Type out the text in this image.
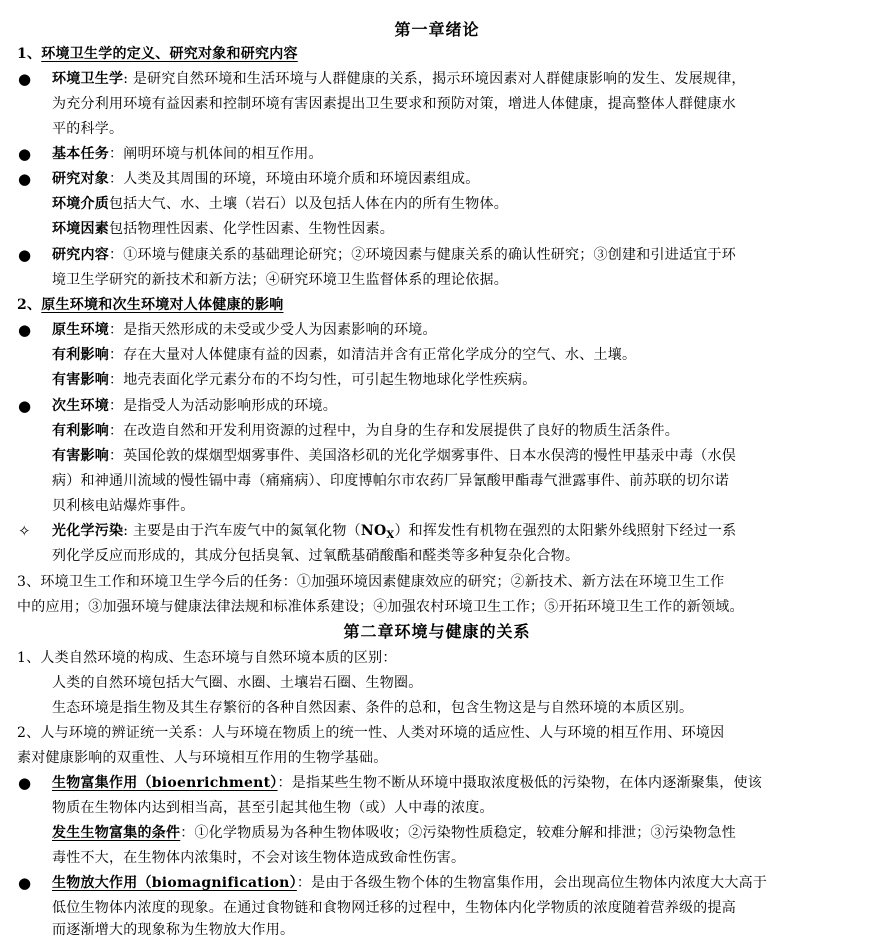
第一章绪论
1、环境卫生学的定义、研究对象和研究内容
● 环境卫生学: 是研究自然环境和生活环境与人群健康的关系，揭示环境因素对人群健康影响的发生、发展规律，
为充分利用环境有益因素和控制环境有害因素提出卫生要求和预防对策，增进人体健康，提高整体人群健康水
平的科学。
● 基本任务：阐明环境与机体间的相互作用。
● 研究对象：人类及其周围的环境，环境由环境介质和环境因素组成。
环境介质包括大气、水、土壤（岩石）以及包括人体在内的所有生物体。
环境因素包括物理性因素、化学性因素、生物性因素。
● 研究内容：①环境与健康关系的基础理论研究；②环境因素与健康关系的确认性研究；③创建和引进适宜于环
境卫生学研究的新技术和新方法；④研究环境卫生监督体系的理论依据。
2、原生环境和次生环境对人体健康的影响
● 原生环境：是指天然形成的未受或少受人为因素影响的环境。
有利影响：存在大量对人体健康有益的因素，如清洁并含有正常化学成分的空气、水、土壤。
有害影响：地壳表面化学元素分布的不均匀性，可引起生物地球化学性疾病。
● 次生环境：是指受人为活动影响形成的环境。
有利影响：在改造自然和开发利用资源的过程中，为自身的生存和发展提供了良好的物质生活条件。
有害影响：英国伦敦的煤烟型烟雾事件、美国洛杉矶的光化学烟雾事件、日本水俣湾的慢性甲基汞中毒（水俣
病）和神通川流域的慢性镉中毒（痛痛病）、印度博帕尔市农药厂异氰酸甲酯毒气泄露事件、前苏联的切尔诺
贝利核电站爆炸事件。
✧ 光化学污染: 主要是由于汽车废气中的氮氧化物$(NO_X)$和挥发性有机物在强烈的太阳紫外线照射下经过一系
列化学反应而形成的，其成分包括臭氧、过氧酰基硝酸酯和醛类等多种复杂化合物。
3、环境卫生工作和环境卫生学今后的任务：①加强环境因素健康效应的研究；②新技术、新方法在环境卫生工作
中的应用；③加强环境与健康法律法规和标准体系建设；④加强农村环境卫生工作；⑤开拓环境卫生工作的新领域。
第二章环境与健康的关系
1、人类自然环境的构成、生态环境与自然环境本质的区别：
人类的自然环境包括大气圈、水圈、土壤岩石圈、生物圈。
生态环境是指生物及其生存繁衍的各种自然因素、条件的总和，包含生物这是与自然环境的本质区别。
2、人与环境的辨证统一关系：人与环境在物质上的统一性、人类对环境的适应性、人与环境的相互作用、环境因
素对健康影响的双重性、人与环境相互作用的生物学基础。
● 生物富集作用（bioenrichment）：是指某些生物不断从环境中摄取浓度极低的污染物，在体内逐渐聚集，使该
物质在生物体内达到相当高，甚至引起其他生物（或）人中毒的浓度。
发生生物富集的条件：①化学物质易为各种生物体吸收；②污染物性质稳定，较难分解和排泄；③污染物急性
毒性不大，在生物体内浓集时，不会对该生物体造成致命性伤害。
● 生物放大作用（biomagnification）：是由于各级生物个体的生物富集作用，会出现高位生物体内浓度大大高于
低位生物体内浓度的现象。在通过食物链和食物网迁移的过程中，生物体内化学物质的浓度随着营养级的提高
而逐渐增大的现象称为生物放大作用。
